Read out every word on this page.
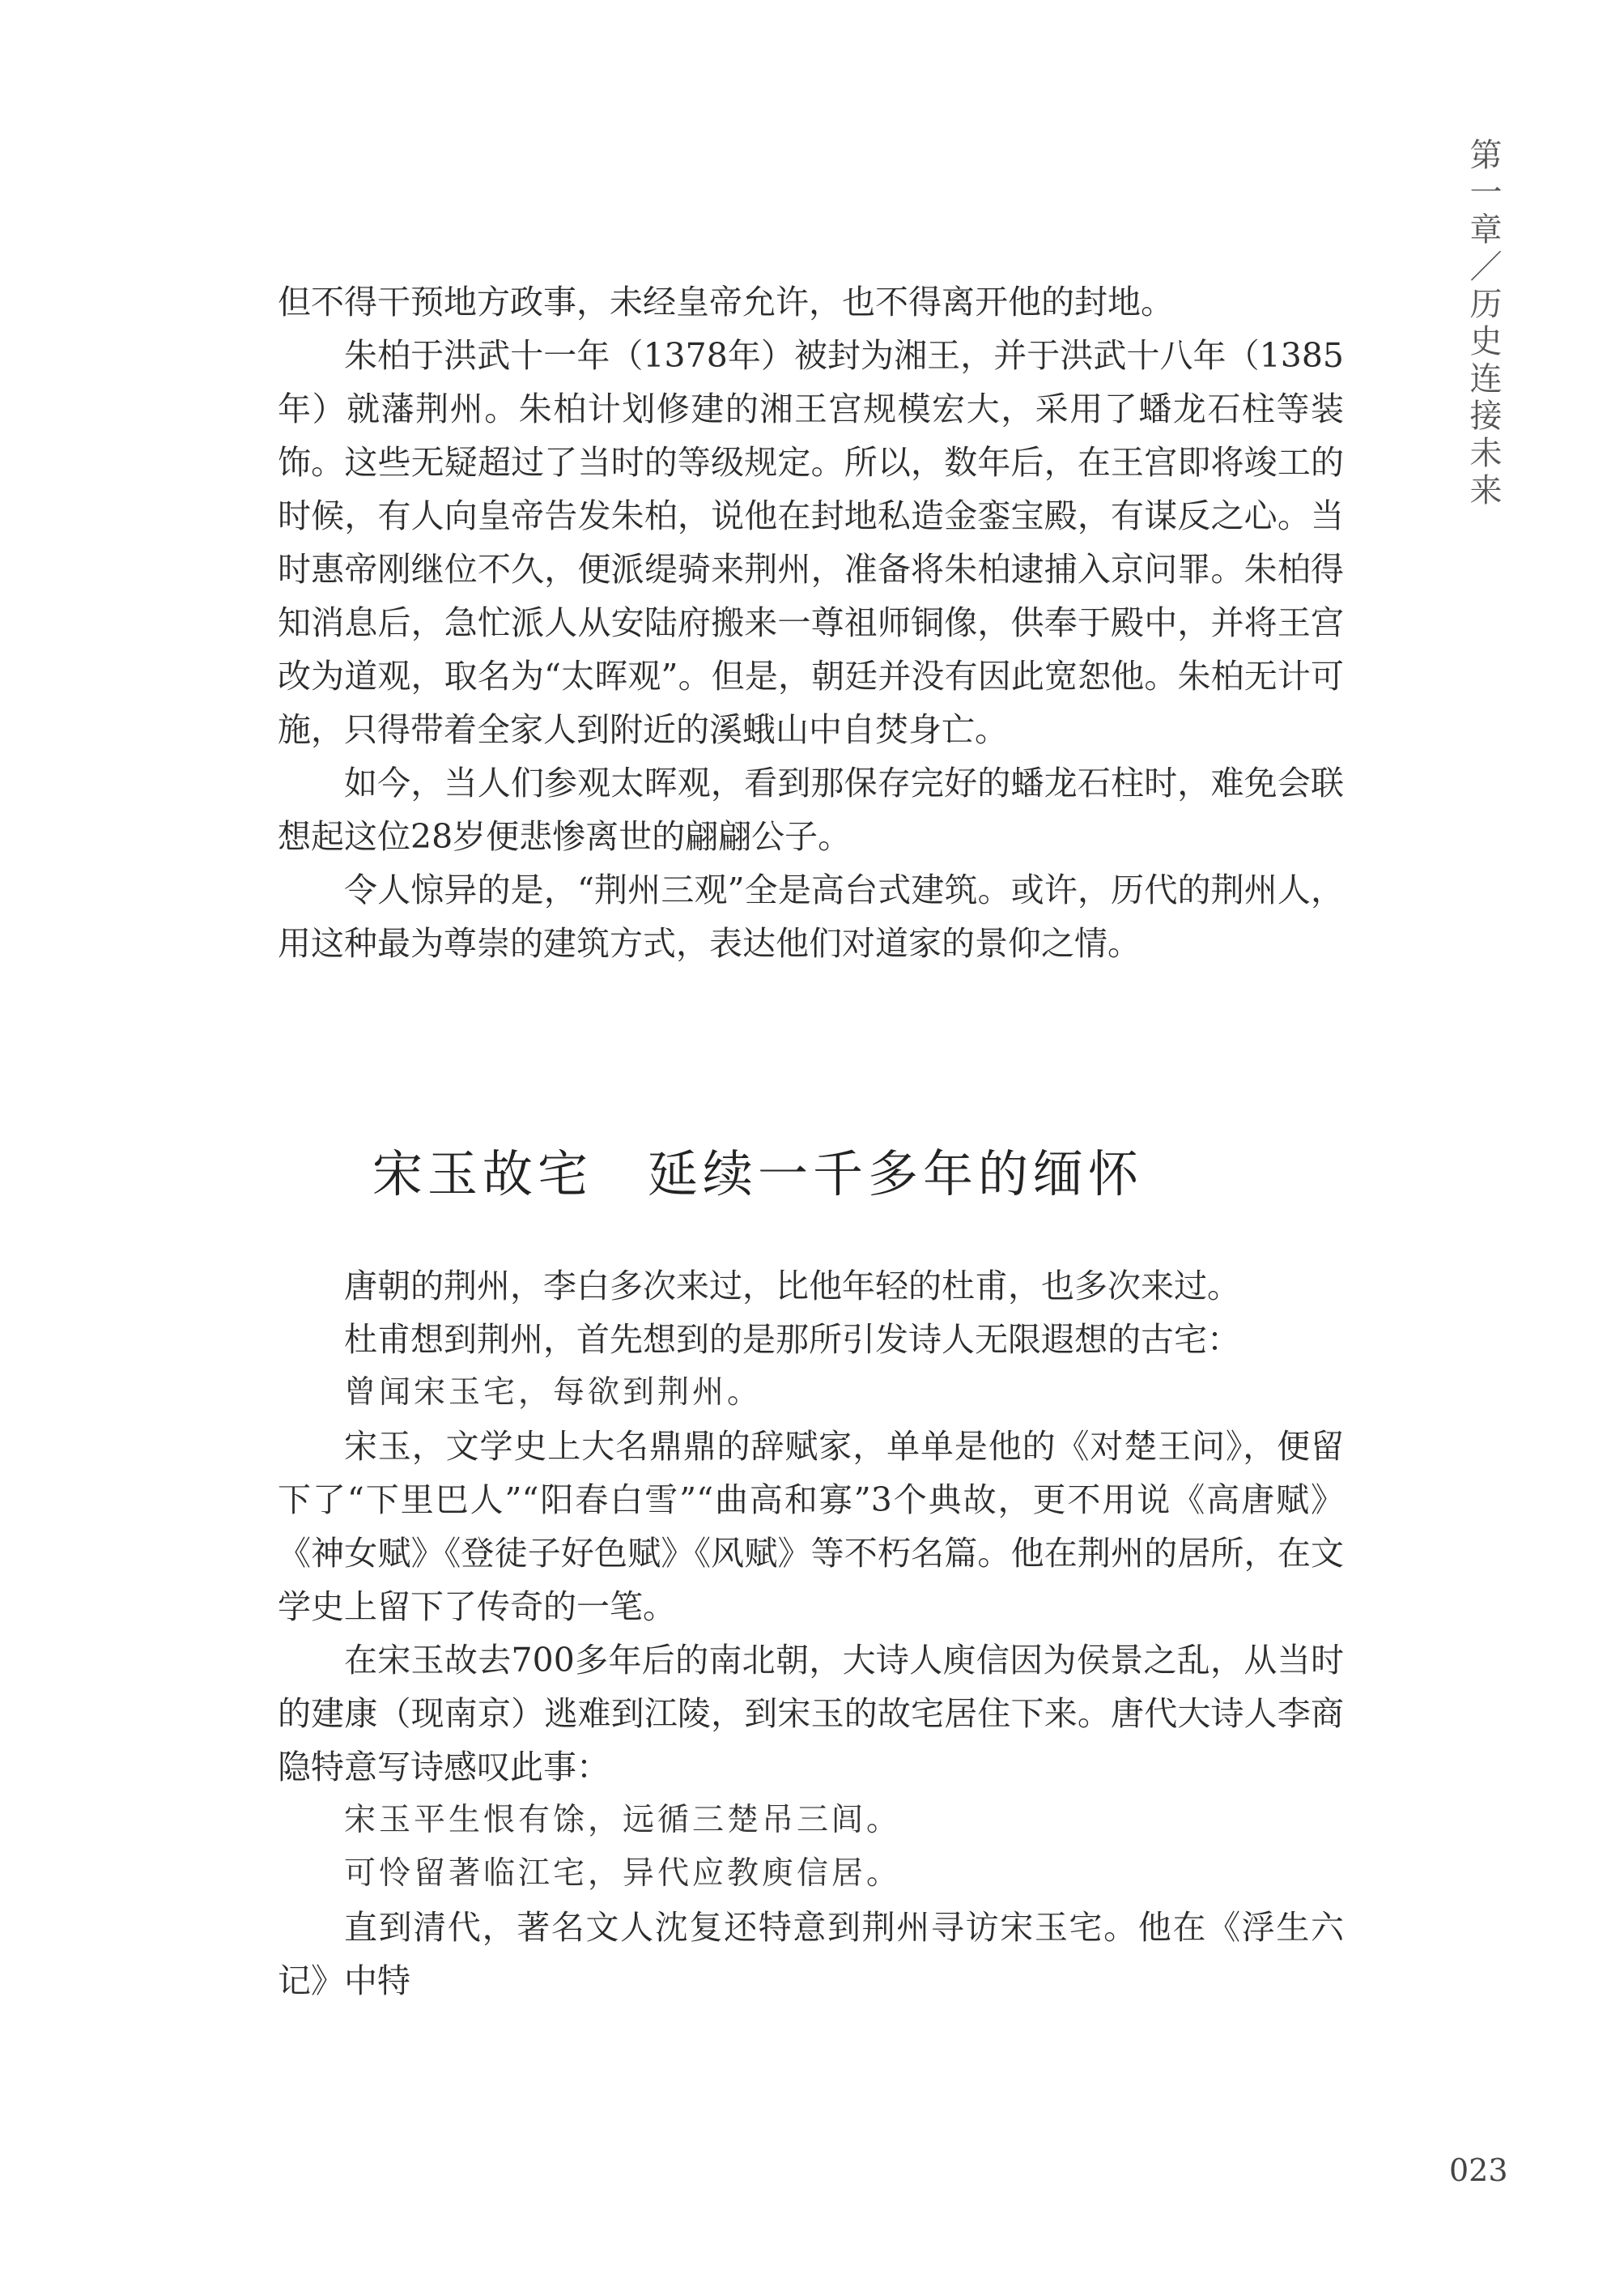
第一章／历史连接未来

但不得干预地方政事，未经皇帝允许，也不得离开他的封地。

朱柏于洪武十一年（1378年）被封为湘王，并于洪武十八年（1385年）就藩荆州。朱柏计划修建的湘王宫规模宏大，采用了蟠龙石柱等装饰。这些无疑超过了当时的等级规定。所以，数年后，在王宫即将竣工的时候，有人向皇帝告发朱柏，说他在封地私造金銮宝殿，有谋反之心。当时惠帝刚继位不久，便派缇骑来荆州，准备将朱柏逮捕入京问罪。朱柏得知消息后，急忙派人从安陆府搬来一尊祖师铜像，供奉于殿中，并将王宫改为道观，取名为“太晖观”。但是，朝廷并没有因此宽恕他。朱柏无计可施，只得带着全家人到附近的溪蛾山中自焚身亡。

如今，当人们参观太晖观，看到那保存完好的蟠龙石柱时，难免会联想起这位28岁便悲惨离世的翩翩公子。

令人惊异的是，“荆州三观”全是高台式建筑。或许，历代的荆州人，用这种最为尊崇的建筑方式，表达他们对道家的景仰之情。

宋玉故宅　延续一千多年的缅怀

唐朝的荆州，李白多次来过，比他年轻的杜甫，也多次来过。

杜甫想到荆州，首先想到的是那所引发诗人无限遐想的古宅：

曾闻宋玉宅，每欲到荆州。

宋玉，文学史上大名鼎鼎的辞赋家，单单是他的《对楚王问》，便留下了“下里巴人”“阳春白雪”“曲高和寡”3个典故，更不用说《高唐赋》《神女赋》《登徒子好色赋》《风赋》等不朽名篇。他在荆州的居所，在文学史上留下了传奇的一笔。

在宋玉故去700多年后的南北朝，大诗人庾信因为侯景之乱，从当时的建康（现南京）逃难到江陵，到宋玉的故宅居住下来。唐代大诗人李商隐特意写诗感叹此事：

宋玉平生恨有馀，远循三楚吊三闾。

可怜留著临江宅，异代应教庾信居。

直到清代，著名文人沈复还特意到荆州寻访宋玉宅。他在《浮生六记》中特

023
